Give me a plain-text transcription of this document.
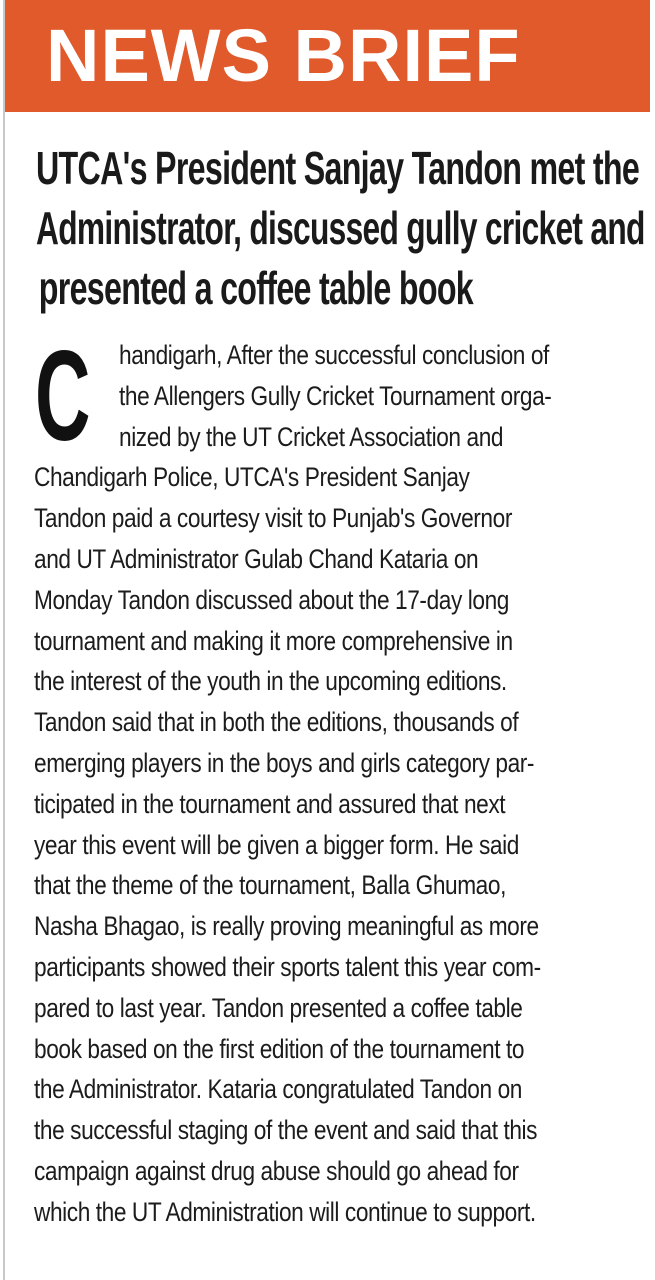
NEWS BRIEF
UTCA's President Sanjay Tandon met the
Administrator, discussed gully cricket and
presented a coffee table book
C	handigarh, After the successful conclusion of
the Allengers Gully Cricket Tournament orga-
nized by the UT Cricket Association and
Chandigarh Police, UTCA's President Sanjay
Tandon paid a courtesy visit to Punjab's Governor
and UT Administrator Gulab Chand Kataria on
Monday Tandon discussed about the 17-day long
tournament and making it more comprehensive in
the interest of the youth in the upcoming editions.
Tandon said that in both the editions, thousands of
emerging players in the boys and girls category par-
ticipated in the tournament and assured that next
year this event will be given a bigger form. He said
that the theme of the tournament, Balla Ghumao,
Nasha Bhagao, is really proving meaningful as more
participants showed their sports talent this year com-
pared to last year. Tandon presented a coffee table
book based on the first edition of the tournament to
the Administrator. Kataria congratulated Tandon on
the successful staging of the event and said that this
campaign against drug abuse should go ahead for
which the UT Administration will continue to support.
